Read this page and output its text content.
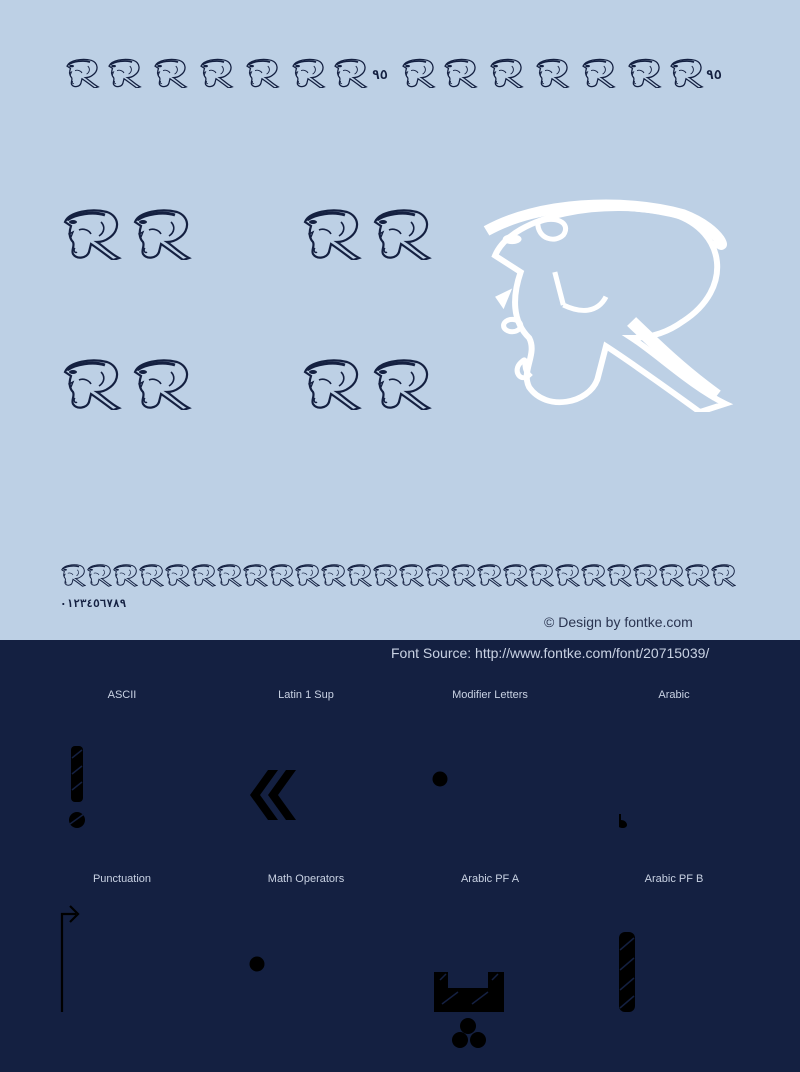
٩٥	٩٥
٠١٢٣٤٥٦٧٨٩
© Design by fontke.com
Font Source: http://www.fontke.com/font/20715039/
ASCII	Latin 1 Sup	Modifier Letters	Arabic
Punctuation	Math Operators	Arabic PF A	Arabic PF B
